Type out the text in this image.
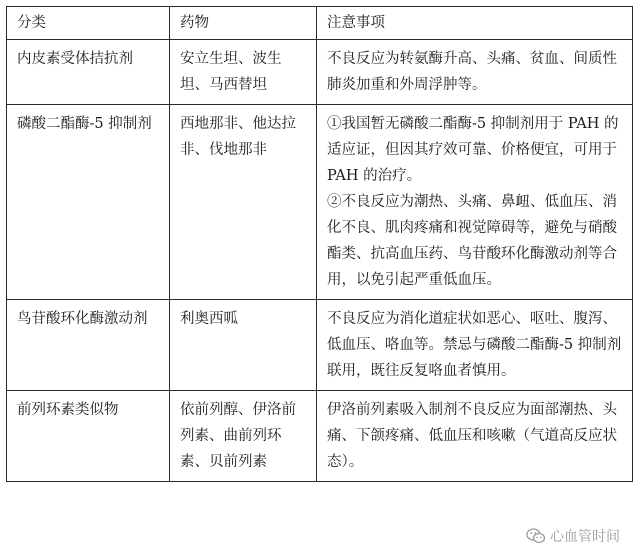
分类	药物	注意事项
内皮素受体拮抗剂	安立生坦、波生坦、马西替坦	不良反应为转氨酶升高、头痛、贫血、间质性肺炎加重和外周浮肿等。

磷酸二酯酶-5 抑制剂	西地那非、他达拉非、伐地那非	①我国暂无磷酸二酯酶-5 抑制剂用于 PAH 的适应证，但因其疗效可靠、价格便宜，可用于 PAH 的治疗。
②不良反应为潮热、头痛、鼻衄、低血压、消化不良、肌肉疼痛和视觉障碍等，避免与硝酸酯类、抗高血压药、鸟苷酸环化酶激动剂等合用，以免引起严重低血压。

鸟苷酸环化酶激动剂	利奥西呱	不良反应为消化道症状如恶心、呕吐、腹泻、低血压、咯血等。禁忌与磷酸二酯酶-5 抑制剂联用，既往反复咯血者慎用。

前列环素类似物	依前列醇、伊洛前列素、曲前列环素、贝前列素	伊洛前列素吸入制剂不良反应为面部潮热、头痛、下颌疼痛、低血压和咳嗽（气道高反应状态）。
心血管时间
